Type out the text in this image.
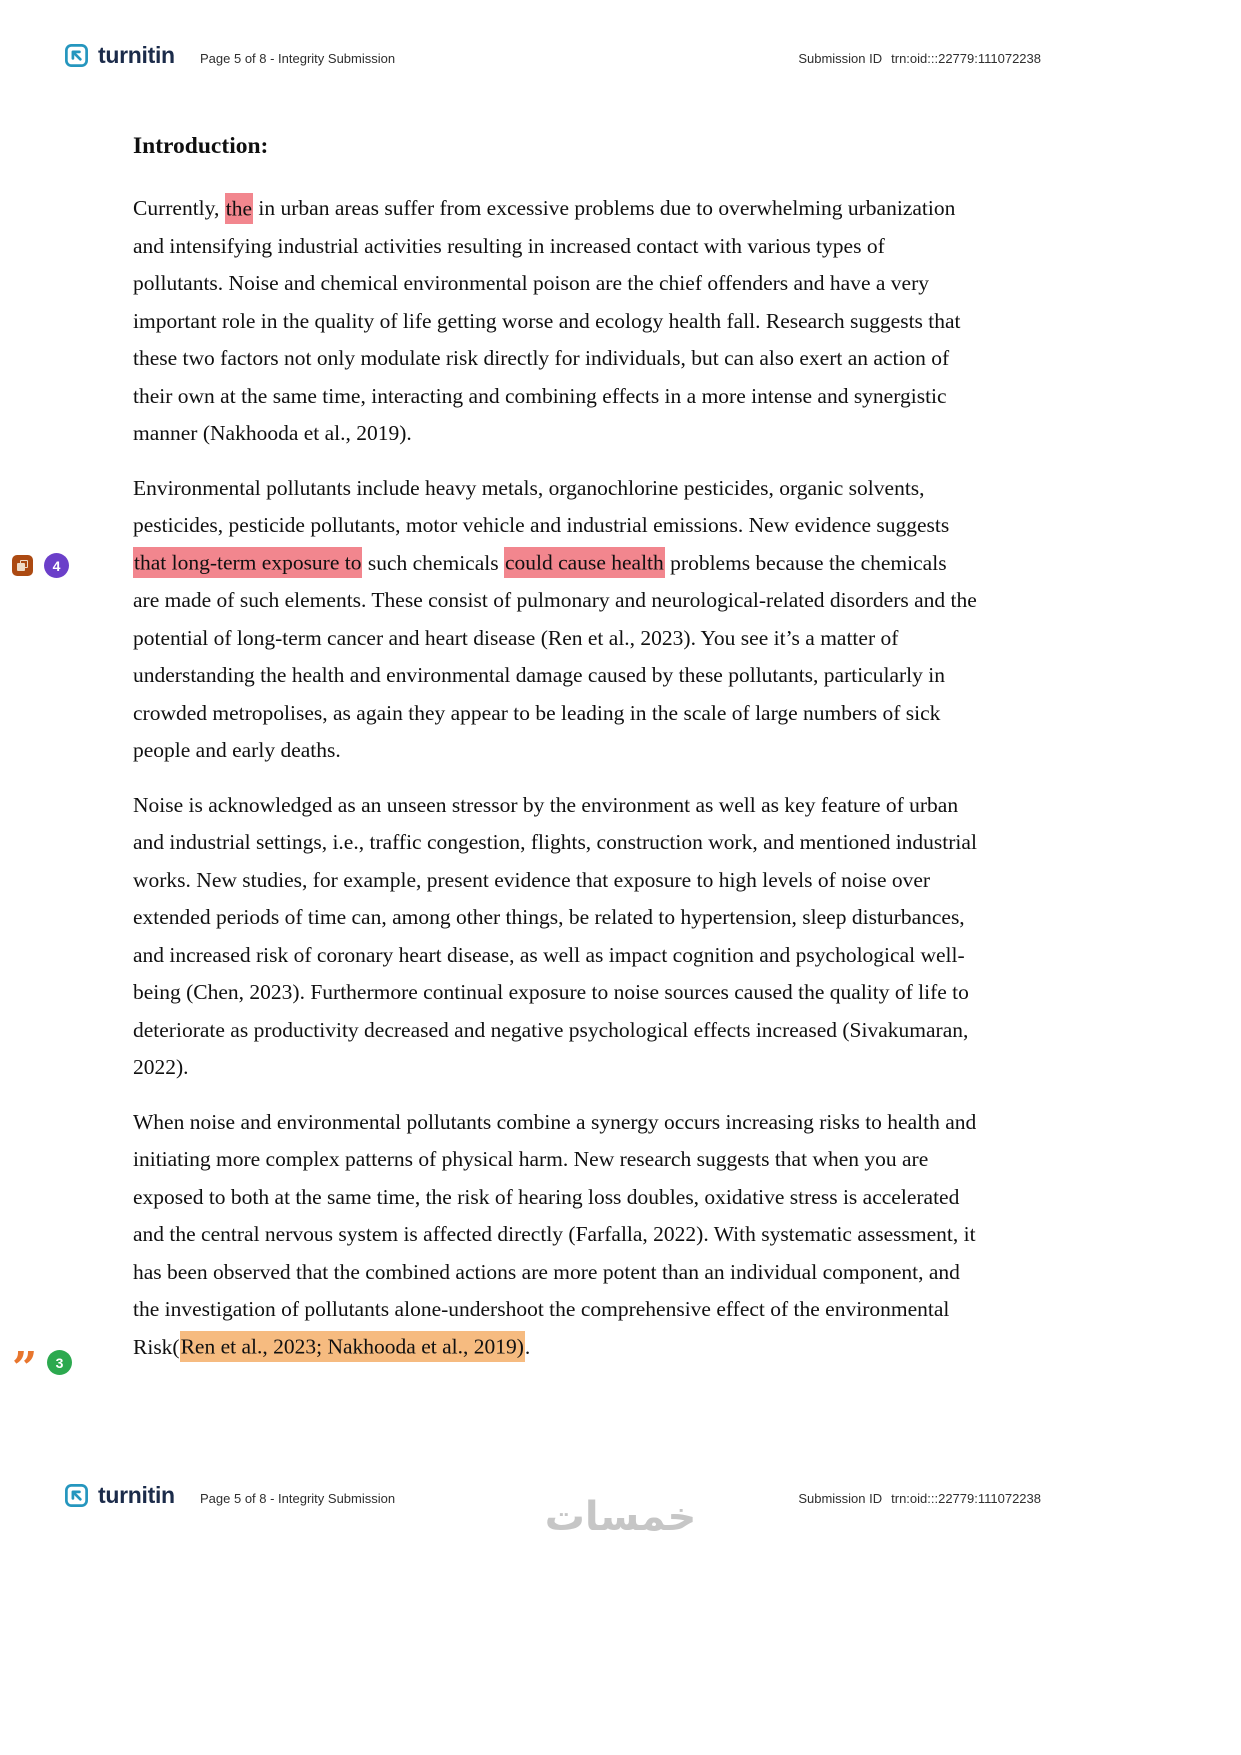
turnitin Page 5 of 8 - Integrity Submission	Submission ID trn:oid:::22779:111072238
Introduction:

Currently, the in urban areas suffer from excessive problems due to overwhelming urbanization and intensifying industrial activities resulting in increased contact with various types of pollutants. Noise and chemical environmental poison are the chief offenders and have a very important role in the quality of life getting worse and ecology health fall. Research suggests that these two factors not only modulate risk directly for individuals, but can also exert an action of their own at the same time, interacting and combining effects in a more intense and synergistic manner (Nakhooda et al., 2019).

Environmental pollutants include heavy metals, organochlorine pesticides, organic solvents, pesticides, pesticide pollutants, motor vehicle and industrial emissions. New evidence suggests that long-term exposure to such chemicals could cause health problems because the chemicals are made of such elements. These consist of pulmonary and neurological-related disorders and the potential of long-term cancer and heart disease (Ren et al., 2023). You see it’s a matter of understanding the health and environmental damage caused by these pollutants, particularly in crowded metropolises, as again they appear to be leading in the scale of large numbers of sick people and early deaths.

Noise is acknowledged as an unseen stressor by the environment as well as key feature of urban and industrial settings, i.e., traffic congestion, flights, construction work, and mentioned industrial works. New studies, for example, present evidence that exposure to high levels of noise over extended periods of time can, among other things, be related to hypertension, sleep disturbances, and increased risk of coronary heart disease, as well as impact cognition and psychological well-being (Chen, 2023). Furthermore continual exposure to noise sources caused the quality of life to deteriorate as productivity decreased and negative psychological effects increased (Sivakumaran, 2022).

When noise and environmental pollutants combine a synergy occurs increasing risks to health and initiating more complex patterns of physical harm. New research suggests that when you are exposed to both at the same time, the risk of hearing loss doubles, oxidative stress is accelerated and the central nervous system is affected directly (Farfalla, 2022). With systematic assessment, it has been observed that the combined actions are more potent than an individual component, and the investigation of pollutants alone-undershoot the comprehensive effect of the environmental Risk(Ren et al., 2023; Nakhooda et al., 2019).

4
”	3
خمسات
turnitin Page 5 of 8 - Integrity Submission	Submission ID trn:oid:::22779:111072238
